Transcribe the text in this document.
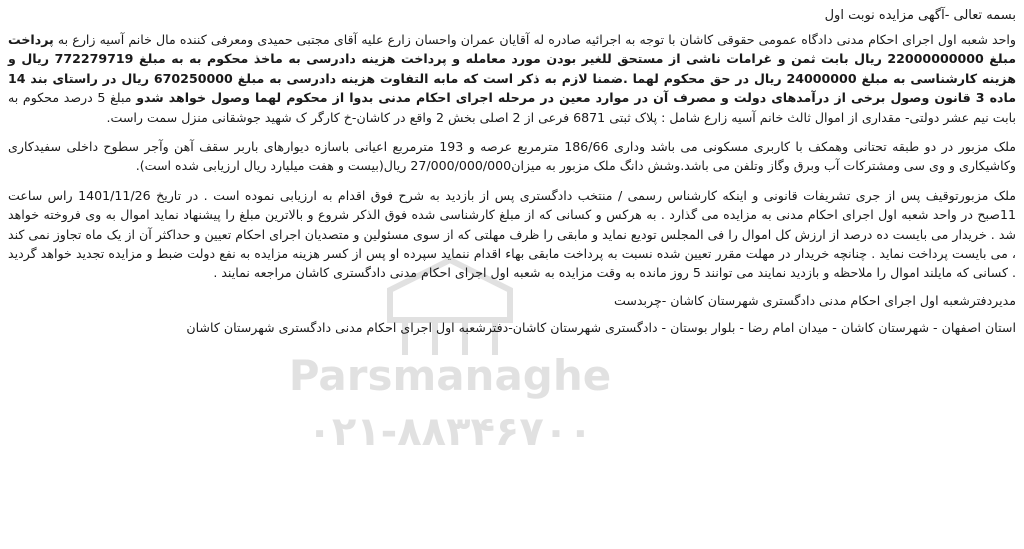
Parsmanaghe
۰۲۱-۸۸۳۴۶۷۰۰
بسمه تعالی -آگهی مزایده نوبت اول

واحد شعبه اول اجرای احکام مدنی دادگاه عمومی حقوقی کاشان با توجه به اجرائیه صادره له آقایان عمران واحسان زارع علیه آقای مجتبی حمیدی ومعرفی کننده مال خانم آسیه زارع به پرداخت مبلغ 22000000000 ریال بابت ثمن و غرامات ناشی از مستحق للغیر بودن مورد معامله و پرداخت هزینه دادرسی به ماخذ محکوم به به مبلغ 772279719 ریال و هزینه کارشناسی به مبلغ 24000000 ریال در حق محکوم لهما .ضمنا لازم به ذکر است که مابه التفاوت هزینه دادرسی به مبلغ 670250000 ریال در راستای بند 14 ماده 3 قانون وصول برخی از درآمدهای دولت و مصرف آن در موارد معین در مرحله اجرای احکام مدنی بدوا از محکوم لهما وصول خواهد شدو مبلغ 5 درصد محکوم به بابت نیم عشر دولتی- مقداری از اموال ثالث خانم آسیه زارع شامل : پلاک ثبتی 6871 فرعی از 2 اصلی بخش 2 واقع در کاشان-خ کارگر ک شهید جوشقانی منزل سمت راست.

ملک مزبور در دو طبقه تحتانی وهمکف با کاربری مسکونی می باشد وداری 186/66 مترمربع عرصه و 193 مترمربع اعیانی باسازه دیوارهای باربر سقف آهن وآجر سطوح داخلی سفیدکاری وکاشیکاری و وی سی ومشترکات آب وبرق وگاز وتلفن می باشد.وشش دانگ ملک مزبور به میزان27/000/000/000 ریال(بیست و هفت میلیارد ریال ارزیابی شده است).

ملک مزبورتوقیف پس از جری تشریفات قانونی و اینکه کارشناس رسمی / منتخب دادگستری پس از بازدید به شرح فوق اقدام به ارزیابی نموده است . در تاریخ 1401/11/26 راس ساعت 11صبح در واحد شعبه اول اجرای احکام مدنی به مزایده می گذارد . به هرکس و کسانی که از مبلغ کارشناسی شده فوق الذکر شروع و بالاترین مبلغ را پیشنهاد نماید اموال به وی فروخته خواهد شد . خریدار می بایست ده درصد از ارزش کل اموال را فی المجلس تودیع نماید و مابقی را ظرف مهلتی که از سوی مسئولین و متصدیان اجرای احکام تعیین و حداکثر آن از یک ماه تجاوز نمی کند ، می بایست پرداخت نماید . چنانچه خریدار در مهلت مقرر تعیین شده نسبت به پرداخت مابقی بهاء اقدام ننماید سپرده او پس از کسر هزینه مزایده به نفع دولت ضبط و مزایده تجدید خواهد گردید . کسانی که مایلند اموال را ملاحظه و بازدید نمایند می توانند 5 روز مانده به وقت مزایده به شعبه اول اجرای احکام مدنی دادگستری کاشان مراجعه نمایند .

مدیردفترشعبه اول اجرای احکام مدنی دادگستری شهرستان کاشان -چربدست

استان اصفهان - شهرستان کاشان - میدان امام رضا - بلوار بوستان - دادگستری شهرستان کاشان-دفترشعبه اول اجرای احکام مدنی دادگستری شهرستان کاشان
